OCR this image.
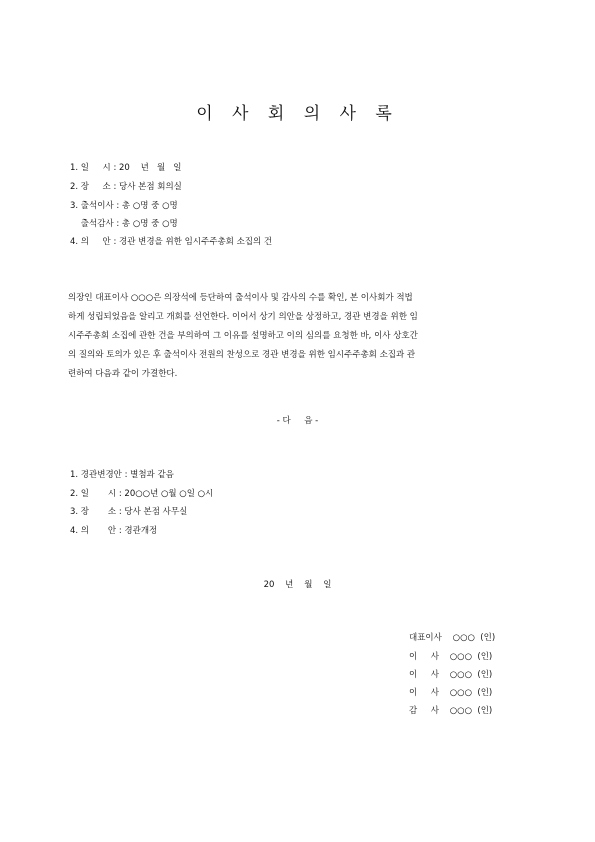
이 사 회 의 사 록
1. 일     시 : 20    년   월   일
2. 장     소 : 당사 본점 회의실
3. 출석이사 : 총 ○명 중 ○명
출석감사 : 총 ○명 중 ○명
4. 의     안 : 경관 변경을 위한 임시주주총회 소집의 건
의장인 대표이사 ○○○은 의장석에 등단하여 출석이사 및 감사의 수를 확인, 본 이사회가 적법
하게 성립되었음을 알리고 개회를 선언한다. 이어서 상기 의안을 상정하고, 경관 변경을 위한 임
시주주총회 소집에 관한 건을 부의하여 그 이유를 설명하고 이의 심의를 요청한 바, 이사 상호간
의 질의와 토의가 있은 후 출석이사 전원의 찬성으로 경관 변경을 위한 임시주주총회 소집과 관
련하여 다음과 같이 가결한다.
- 다     음 -
1. 경관변경안 : 별첨과 같음
2. 일       시 : 20○○년 ○월 ○일 ○시
3. 장       소 : 당사 본점 사무실
4. 의       안 : 경관개정
20    년    월    일
대표이사    ○○○  (인)
이     사    ○○○  (인)
이     사    ○○○  (인)
이     사    ○○○  (인)
감     사    ○○○  (인)
